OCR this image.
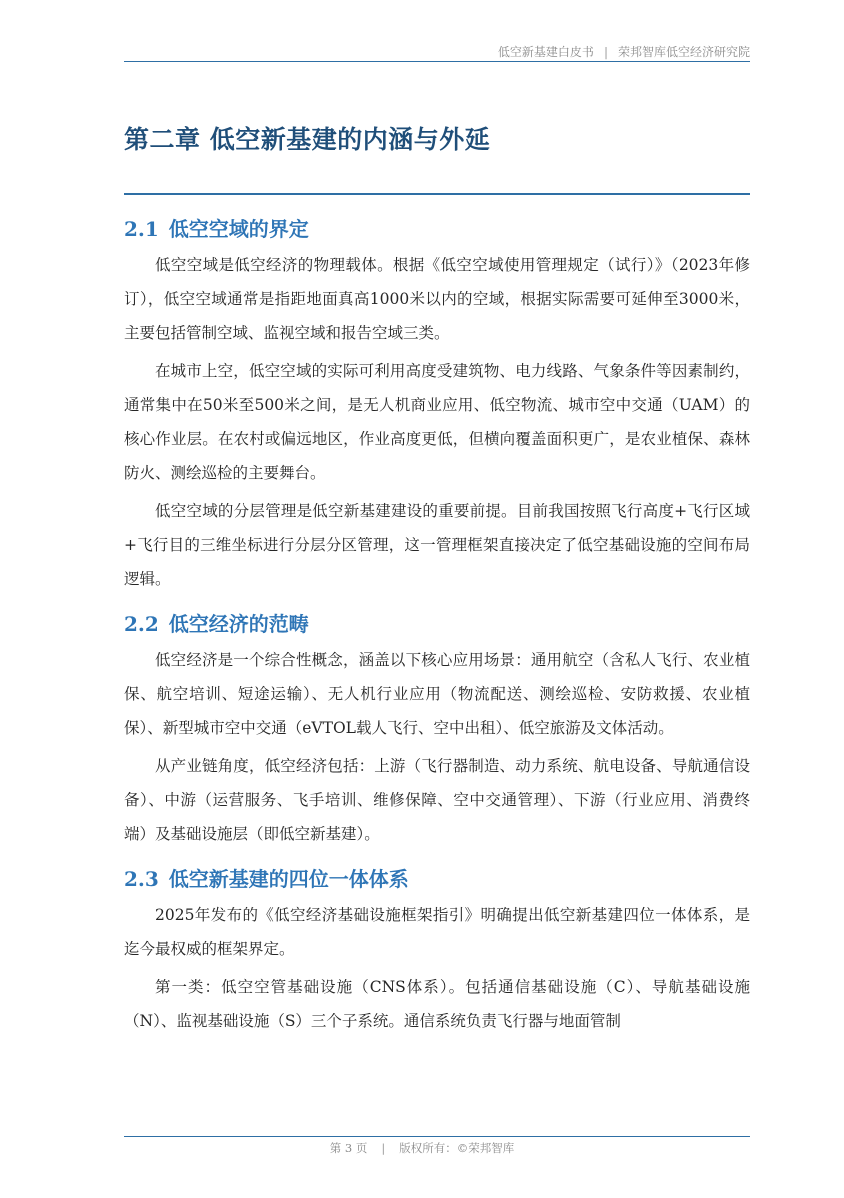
低空新基建白皮书 | 荣邦智库低空经济研究院
第二章 低空新基建的内涵与外延
2.1 低空空域的界定

低空空域是低空经济的物理载体。根据《低空空域使用管理规定（试行）》（2023年修订），低空空域通常是指距地面真高1000米以内的空域，根据实际需要可延伸至3000米，主要包括管制空域、监视空域和报告空域三类。

在城市上空，低空空域的实际可利用高度受建筑物、电力线路、气象条件等因素制约，通常集中在50米至500米之间，是无人机商业应用、低空物流、城市空中交通（UAM）的核心作业层。在农村或偏远地区，作业高度更低，但横向覆盖面积更广，是农业植保、森林防火、测绘巡检的主要舞台。

低空空域的分层管理是低空新基建建设的重要前提。目前我国按照飞行高度+飞行区域+飞行目的三维坐标进行分层分区管理，这一管理框架直接决定了低空基础设施的空间布局逻辑。

2.2 低空经济的范畴

低空经济是一个综合性概念，涵盖以下核心应用场景：通用航空（含私人飞行、农业植保、航空培训、短途运输）、无人机行业应用（物流配送、测绘巡检、安防救援、农业植保）、新型城市空中交通（eVTOL载人飞行、空中出租）、低空旅游及文体活动。

从产业链角度，低空经济包括：上游（飞行器制造、动力系统、航电设备、导航通信设备）、中游（运营服务、飞手培训、维修保障、空中交通管理）、下游（行业应用、消费终端）及基础设施层（即低空新基建）。

2.3 低空新基建的四位一体体系

2025年发布的《低空经济基础设施框架指引》明确提出低空新基建四位一体体系，是迄今最权威的框架界定。

第一类：低空空管基础设施（CNS体系）。包括通信基础设施（C）、导航基础设施（N）、监视基础设施（S）三个子系统。通信系统负责飞行器与地面管制

第 3 页 | 版权所有：©荣邦智库
